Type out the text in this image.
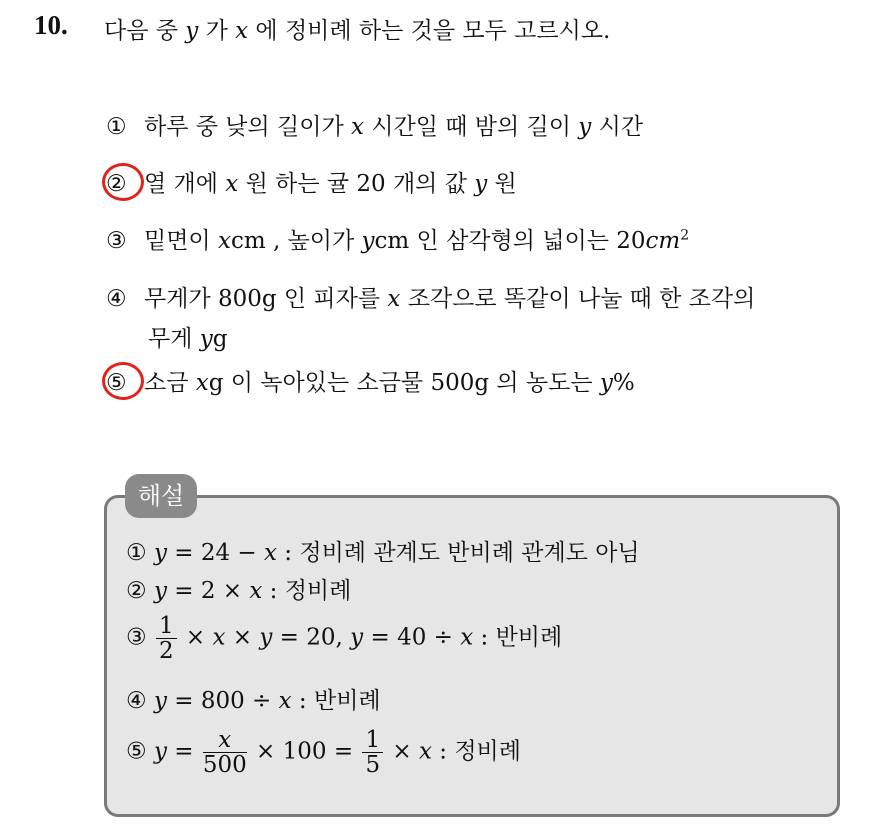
10. 다음 중 y 가 x 에 정비례 하는 것을 모두 고르시오.
① 하루 중 낮의 길이가 x 시간일 때 밤의 길이 y 시간
② 열 개에 x 원 하는 귤 20 개의 값 y 원
③ 밑면이 xcm , 높이가 ycm 인 삼각형의 넓이는 $20cm^2$
④ 무게가 800g 인 피자를 x 조각으로 똑같이 나눌 때 한 조각의
무게 yg
⑤ 소금 xg 이 녹아있는 소금물 500g 의 농도는 y%
해설
① y = 24 − x : 정비례 관계도 반비례 관계도 아님
② y = 2 × x : 정비례
③ $\frac{1}{2} \times x \times y = 20$, y = 40 ÷ x : 반비례
④ y = 800 ÷ x : 반비례
⑤ $y = \frac{x}{500} \times 100 = \frac{1}{5} \times x$ : 정비례
